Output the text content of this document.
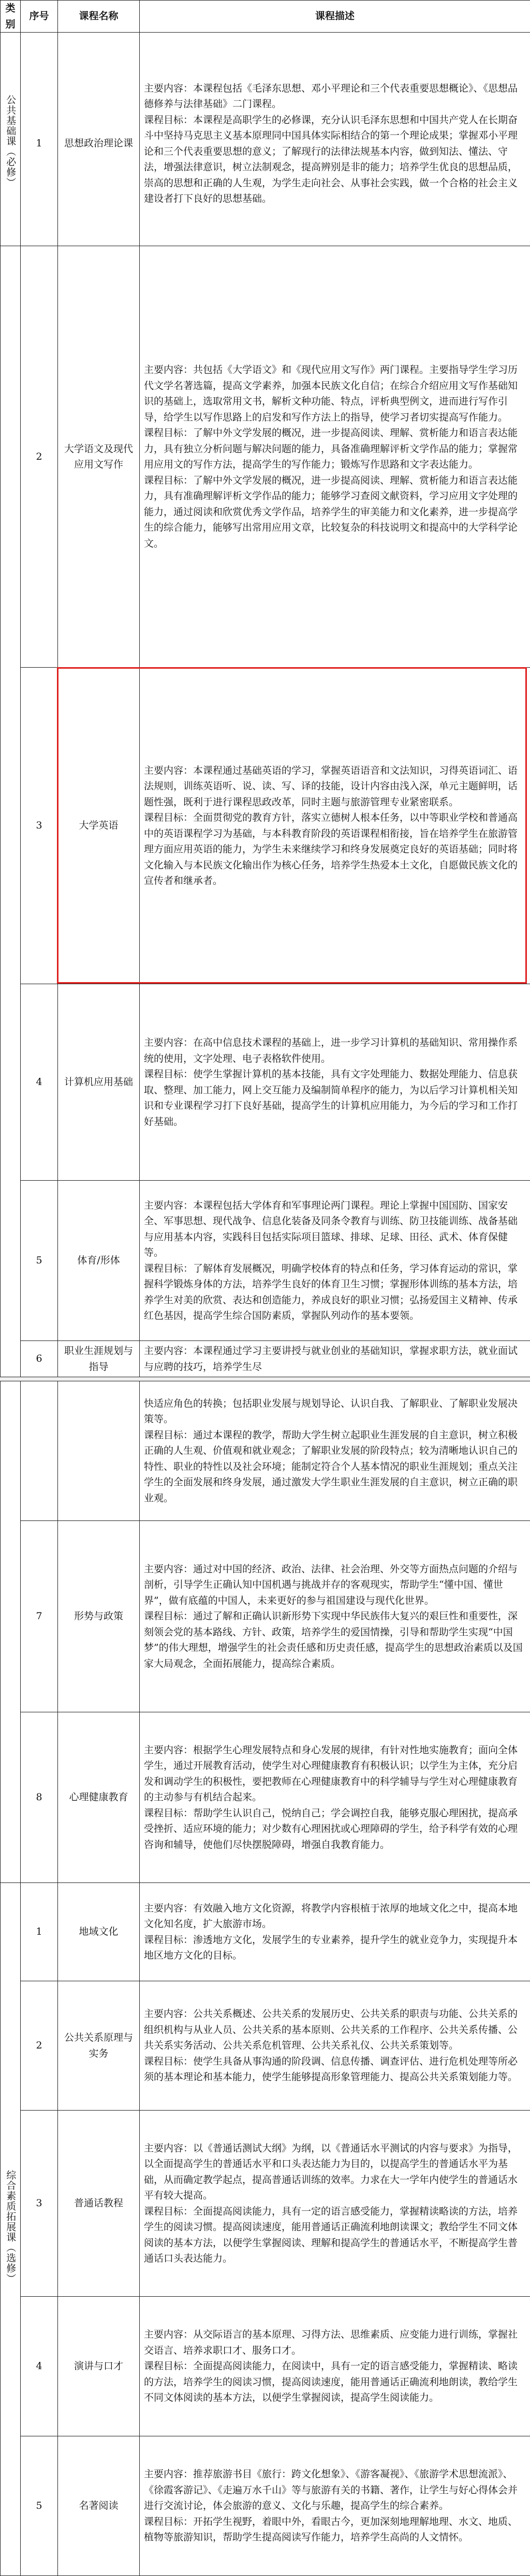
类别	序号	课程名称	课程描述
公共基础课（必修）	1	思想政治理论课	主要内容：本课程包括《毛泽东思想、邓小平理论和三个代表重要思想概论》、《思想品德修养与法律基础》二门课程。
课程目标：本课程是高职学生的必修课，充分认识毛泽东思想和中国共产党人在长期奋斗中坚持马克思主义基本原理同中国具体实际相结合的第一个理论成果；掌握邓小平理论和三个代表重要思想的意义；了解现行的法律法规基本内容，做到知法、懂法、守法，增强法律意识，树立法制观念，提高辨别是非的能力；培养学生优良的思想品质，崇高的思想和正确的人生观，为学生走向社会、从事社会实践，做一个合格的社会主义建设者打下良好的思想基础。
	2	大学语文及现代应用文写作	主要内容：共包括《大学语文》和《现代应用文写作》两门课程。主要指导学生学习历代文学名著选篇，提高文学素养，加强本民族文化自信；在综合介绍应用文写作基础知识的基础上，选取常用文书，解析文种功能、特点，评析典型例文，进而进行写作引导，给学生以写作思路上的启发和写作方法上的指导，使学习者切实提高写作能力。
课程目标：了解中外文学发展的概况，进一步提高阅读、理解、赏析能力和语言表达能力，具有独立分析问题与解决问题的能力，具备准确理解评析文学作品的能力；掌握常用应用文的写作方法，提高学生的写作能力；锻炼写作思路和文字表达能力。
课程目标：了解中外文学发展的概况，进一步提高阅读、理解、赏析能力和语言表达能力，具有准确理解评析文学作品的能力；能够学习查阅文献资料，学习应用文字处理的能力，通过阅读和欣赏优秀文学作品，培养学生的审美能力和文化素养，进一步提高学生的综合能力，能够写出常用应用文章，比较复杂的科技说明文和提高中的大学科学论文。

	3	大学英语	主要内容：本课程通过基础英语的学习，掌握英语语音和文法知识，习得英语词汇、语法规则，训练英语听、说、读、写、译的技能，设计内容由浅入深，单元主题鲜明，话题性强，既利于进行课程思政改革，同时主题与旅游管理专业紧密联系。
课程目标：全面贯彻党的教育方针，落实立德树人根本任务，以中等职业学校和普通高中的英语课程学习为基础，与本科教育阶段的英语课程相衔接，旨在培养学生在旅游管理方面应用英语的能力，为学生未来继续学习和终身发展奠定良好的英语基础；同时将文化输入与本民族文化输出作为核心任务，培养学生热爱本土文化，自愿做民族文化的宣传者和继承者。

	4	计算机应用基础	主要内容：在高中信息技术课程的基础上，进一步学习计算机的基础知识、常用操作系统的使用，文字处理、电子表格软件使用。
课程目标：使学生掌握计算机的基本技能，具有文字处理能力、数据处理能力、信息获取、整理、加工能力，网上交互能力及编制简单程序的能力，为以后学习计算机相关知识和专业课程学习打下良好基础，提高学生的计算机应用能力，为今后的学习和工作打好基础。

	5	体育/形体	主要内容：本课程包括大学体育和军事理论两门课程。理论上掌握中国国防、国家安全、军事思想、现代战争、信息化装备及同条令教育与训练、防卫技能训练、战备基础与应用基本内容，实践科目包括实际项目篮球、排球、足球、田径、武术、体育保健等。
课程目标：了解体育发展概况，明确学校体育的特点和任务，学习体育运动的常识，掌握科学锻炼身体的方法，培养学生良好的体育卫生习惯；掌握形体训练的基本方法，培养学生对美的欣赏、表达和创造能力，养成良好的职业习惯；弘扬爱国主义精神、传承红色基因，提高学生综合国防素质，掌握队列动作的基本要领。

	6	职业生涯规划与指导	主要内容：本课程通过学习主要讲授与就业创业的基础知识，掌握求职方法，就业面试与应聘的技巧，培养学生尽

			快适应角色的转换；包括职业发展与规划导论、认识自我、了解职业、了解职业发展决策等。
课程目标：通过本课程的教学，帮助大学生树立起职业生涯发展的自主意识，树立积极正确的人生观、价值观和就业观念；了解职业发展的阶段特点；较为清晰地认识自己的特性、职业的特性以及社会环境；能制定符合个人基本情况的职业生涯规划；重点关注学生的全面发展和终身发展，通过激发大学生职业生涯发展的自主意识，树立正确的职业观。

	7	形势与政策	主要内容：通过对中国的经济、政治、法律、社会治理、外交等方面热点问题的介绍与剖析，引导学生正确认知中国机遇与挑战并存的客观现实，帮助学生“懂中国、懂世界”，做有底蕴的中国人，未来更好的参与祖国建设与现代化世界。
课程目标：通过了解和正确认识新形势下实现中华民族伟大复兴的艰巨性和重要性，深刻领会党的基本路线、方针、政策，培养学生的爱国情操，引导和帮助学生实现“中国梦”的伟大理想，增强学生的社会责任感和历史责任感，提高学生的思想政治素质以及国家大局观念，全面拓展能力，提高综合素质。

	8	心理健康教育	主要内容：根据学生心理发展特点和身心发展的规律，有针对性地实施教育；面向全体学生，通过开展教育活动，使学生对心理健康教育有积极认识；以学生为主体，充分启发和调动学生的积极性，要把教师在心理健康教育中的科学辅导与学生对心理健康教育的主动参与有机结合起来。
课程目标：帮助学生认识自己，悦纳自己；学会调控自我，能够克服心理困扰，提高承受挫折、适应环境的能力；对少数有心理困扰或心理障碍的学生，给予科学有效的心理咨询和辅导，使他们尽快摆脱障碍，增强自我教育能力。

综合素质拓展课（选修）	1	地域文化	主要内容：有效融入地方文化资源，将教学内容根植于浓厚的地域文化之中，提高本地文化知名度，扩大旅游市场。
课程目标：渗透地方文化，发展学生的专业素养，提升学生的就业竞争力，实现提升本地区地方文化的目标。

	2	公共关系原理与实务	主要内容：公共关系概述、公共关系的发展历史、公共关系的职责与功能、公共关系的组织机构与从业人员、公共关系的基本原则、公共关系的工作程序、公共关系传播、公共关系实务活动、公共关系危机管理、公共关系礼仪、公共关系策划等。
课程目标：使学生具备从事沟通的阶段调、信息传播、调查评估、进行危机处理等所必须的基本理论和基本能力，使学生能够提高形象管理能力、提高公共关系策划能力等。

	3	普通话教程	主要内容：以《普通话测试大纲》为纲，以《普通话水平测试的内容与要求》为指导，以全面提高学生的普通话水平和口头表达能力为目的，以提高学生的普通话水平为基础，从而确定教学起点，提高普通话训练的效率。力求在大一学年内使学生的普通话水平有较大提高。
课程目标：全面提高阅读能力，具有一定的语言感受能力，掌握精读略读的方法，培养学生的阅读习惯。提高阅读速度，能用普通话正确流利地朗读课文；教给学生不同文体阅读的基本方法，以便学生掌握阅读、理解和提高学生的普通话水平，不断提高学生普通话口头表达能力。

	4	演讲与口才	主要内容：从交际语言的基本原理、习得方法、思维素质、应变能力进行训练，掌握社交语言、培养求职口才、服务口才。
课程目标：全面提高阅读能力，在阅读中，具有一定的语言感受能力，掌握精读、略读的方法，培养学生的阅读习惯，提高阅读速度，能用普通话正确流利地朗读，教给学生不同文体阅读的基本方法，以便学生掌握阅读，提高学生阅读能力。

	5	名著阅读	主要内容：推荐旅游书目《旅行：跨文化想象》、《游客凝视》、《旅游学术思想流派》、《徐霞客游记》、《走遍万水千山》等与旅游有关的书籍、著作，让学生与好心得体会并进行交流讨论，体会旅游的意义、文化与乐趣，提高学生的综合素养。
课程目标：开拓学生视野，着眼中外，看眼古今，更加深刻地理解地理、水文、地质、植物等旅游知识，帮助学生提高阅读写作能力，培养学生高尚的人文情怀。
